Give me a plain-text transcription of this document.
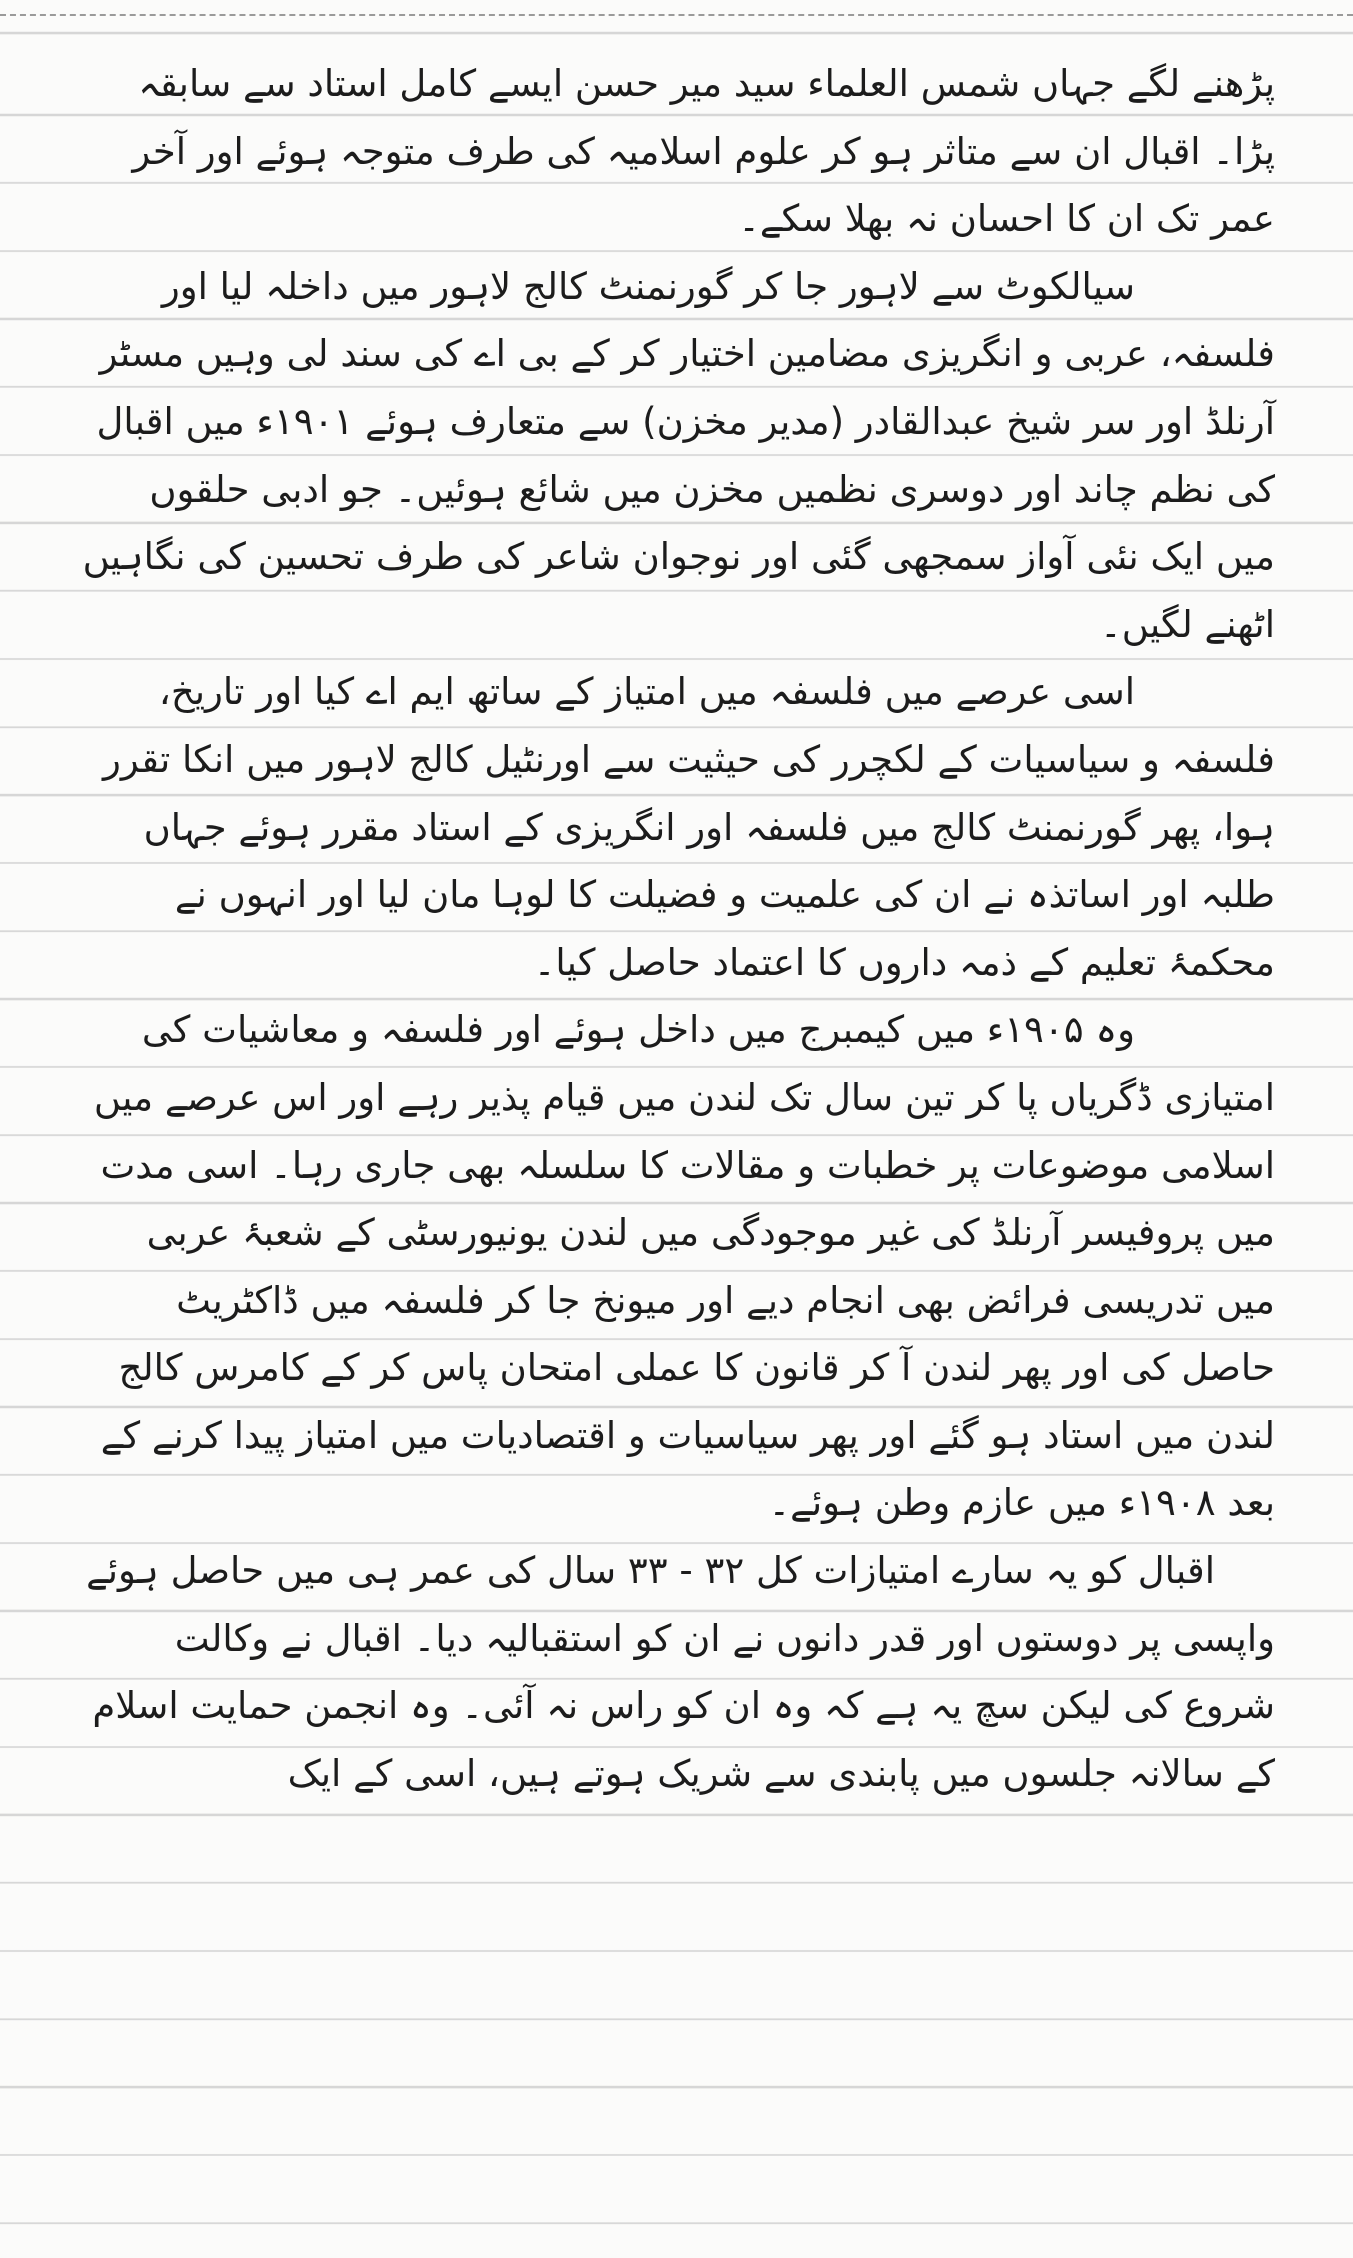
پڑھنے لگے جہاں شمس العلماء سید میر حسن ایسے کامل استاد سے سابقہ پڑا۔ اقبال ان سے متاثر ہو کر علوم اسلامیہ کی طرف متوجہ ہوئے اور آخر عمر تک ان کا احسان نہ بھلا سکے۔

سیالکوٹ سے لاہور جا کر گورنمنٹ کالج لاہور میں داخلہ لیا اور فلسفہ، عربی و انگریزی مضامین اختیار کر کے بی اے کی سند لی وہیں مسٹر آرنلڈ اور سر شیخ عبدالقادر (مدیر مخزن) سے متعارف ہوئے ۱۹۰۱ء میں اقبال کی نظم چاند اور دوسری نظمیں مخزن میں شائع ہوئیں۔ جو ادبی حلقوں میں ایک نئی آواز سمجھی گئی اور نوجوان شاعر کی طرف تحسین کی نگاہیں اٹھنے لگیں۔

اسی عرصے میں فلسفہ میں امتیاز کے ساتھ ایم اے کیا اور تاریخ، فلسفہ و سیاسیات کے لکچرر کی حیثیت سے اورنٹیل کالج لاہور میں انکا تقرر ہوا، پھر گورنمنٹ کالج میں فلسفہ اور انگریزی کے استاد مقرر ہوئے جہاں طلبہ اور اساتذہ نے ان کی علمیت و فضیلت کا لوہا مان لیا اور انہوں نے محکمۂ تعلیم کے ذمہ داروں کا اعتماد حاصل کیا۔

وہ ۱۹۰۵ء میں کیمبرج میں داخل ہوئے اور فلسفہ و معاشیات کی امتیازی ڈگریاں پا کر تین سال تک لندن میں قیام پذیر رہے اور اس عرصے میں اسلامی موضوعات پر خطبات و مقالات کا سلسلہ بھی جاری رہا۔ اسی مدت میں پروفیسر آرنلڈ کی غیر موجودگی میں لندن یونیورسٹی کے شعبۂ عربی میں تدریسی فرائض بھی انجام دیے اور میونخ جا کر فلسفہ میں ڈاکٹریٹ حاصل کی اور پھر لندن آ کر قانون کا عملی امتحان پاس کر کے کامرس کالج لندن میں استاد ہو گئے اور پھر سیاسیات و اقتصادیات میں امتیاز پیدا کرنے کے بعد ۱۹۰۸ء میں عازم وطن ہوئے۔

اقبال کو یہ سارے امتیازات کل ۳۲ - ۳۳ سال کی عمر ہی میں حاصل ہوئے واپسی پر دوستوں اور قدر دانوں نے ان کو استقبالیہ دیا۔ اقبال نے وکالت شروع کی لیکن سچ یہ ہے کہ وہ ان کو راس نہ آئی۔ وہ انجمن حمایت اسلام کے سالانہ جلسوں میں پابندی سے شریک ہوتے ہیں، اسی کے ایک
